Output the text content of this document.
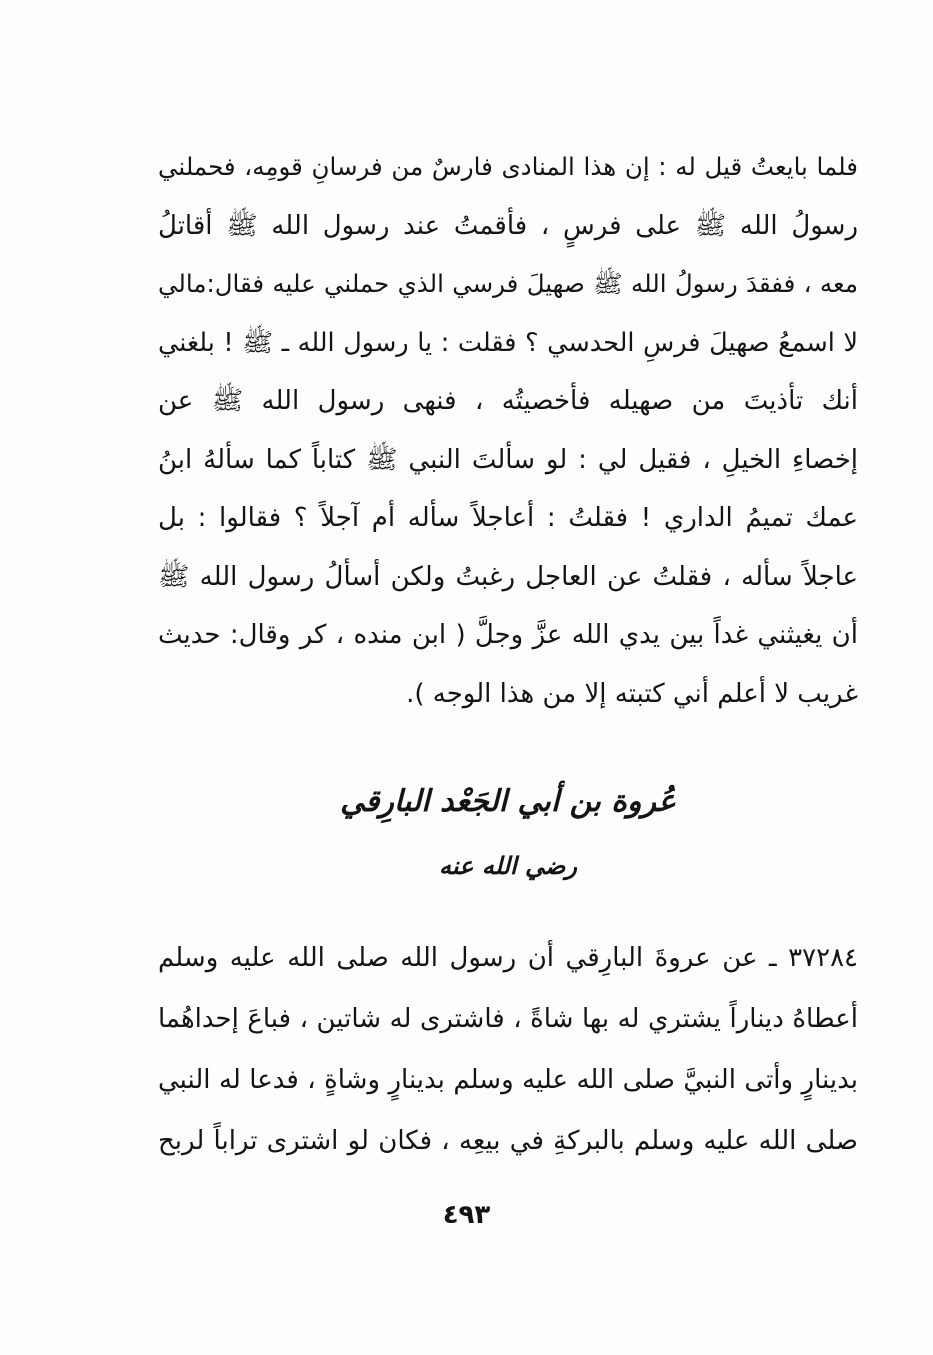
فلما بايعتُ قيل له : إن هذا المنادى فارسٌ من فرسانِ قومِه، فحملني
رسولُ الله ﷺ على فرسٍ ، فأقمتُ عند رسول الله ﷺ أقاتلُ
معه ، ففقدَ رسولُ الله ﷺ صهيلَ فرسي الذي حملني عليه فقال:مالي
لا اسمعُ صهيلَ فرسِ الحدسي ؟ فقلت : يا رسول الله ـ ﷺ ! بلغني
أنك تأذيتَ من صهيله فأخصيتُه ، فنهى رسول الله ﷺ عن
إخصاءِ الخيلِ ، فقيل لي : لو سألتَ النبي ﷺ كتاباً كما سألهُ ابنُ
عمك تميمُ الداري ! فقلتُ : أعاجلاً سأله أم آجلاً ؟ فقالوا : بل
عاجلاً سأله ، فقلتُ عن العاجل رغبتُ ولكن أسألُ رسول الله ﷺ
أن يغيثني غداً بين يدي الله عزَّ وجلَّ ( ابن منده ، كر وقال: حديث
غريب لا أعلم أني كتبته إلا من هذا الوجه ).
عُروة بن أبي الجَعْد البارِقي
رضي الله عنه
٣٧٢٨٤ ـ عن عروةَ البارِقي أن رسول الله صلى الله عليه وسلم
أعطاهُ ديناراً يشتري له بها شاةً ، فاشترى له شاتين ، فباعَ إحداهُما
بدينارٍ وأتى النبيَّ صلى الله عليه وسلم بدينارٍ وشاةٍ ، فدعا له النبي
صلى الله عليه وسلم بالبركةِ في بيعِه ، فكان لو اشترى تراباً لربح
٤٩٣
